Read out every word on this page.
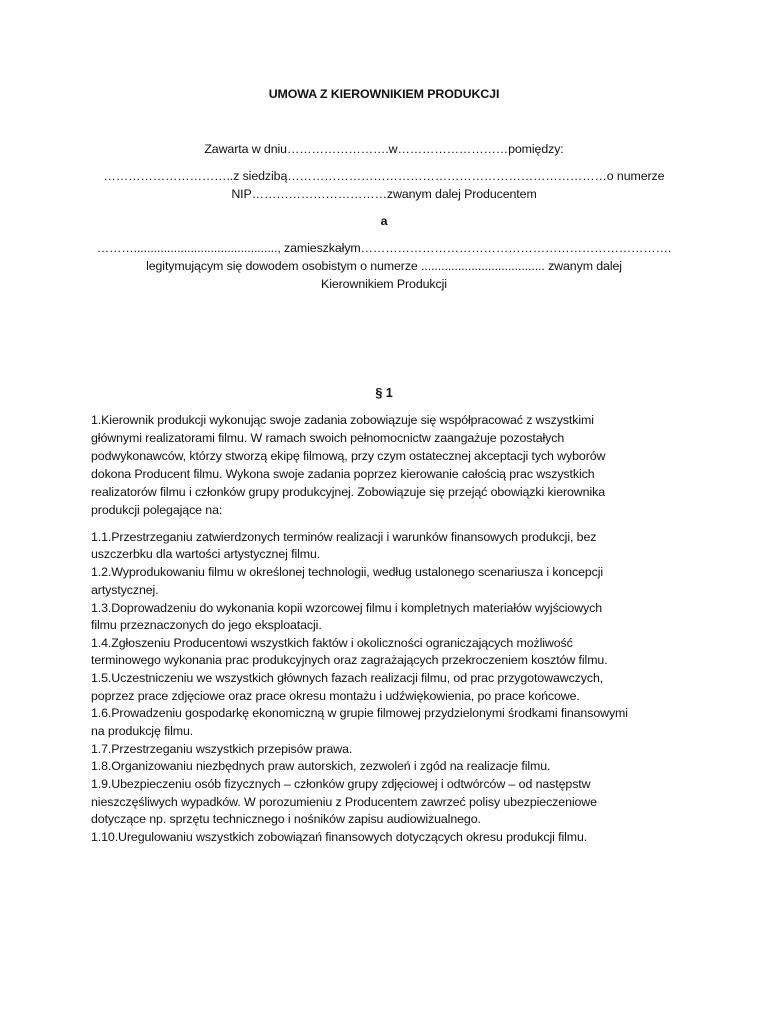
UMOWA Z KIEROWNIKIEM PRODUKCJI
Zawarta w dniu…………………….w………………………pomiędzy:
…………………………..z siedzibą……………………………………………………………………o numerze
NIP……………………………zwanym dalej Producentem
a
………..........................................., zamieszkałym………………………………………………………………….
legitymującym się dowodem osobistym o numerze ..................................... zwanym dalej
Kierownikiem Produkcji
§ 1
1.Kierownik produkcji wykonując swoje zadania zobowiązuje się współpracować z wszystkimi
głównymi realizatorami filmu. W ramach swoich pełnomocnictw zaangażuje pozostałych
podwykonawców, którzy stworzą ekipę filmową, przy czym ostatecznej akceptacji tych wyborów
dokona Producent filmu. Wykona swoje zadania poprzez kierowanie całością prac wszystkich
realizatorów filmu i członków grupy produkcyjnej. Zobowiązuje się przejąć obowiązki kierownika
produkcji polegające na:
1.1.Przestrzeganiu zatwierdzonych terminów realizacji i warunków finansowych produkcji, bez
uszczerbku dla wartości artystycznej filmu.
1.2.Wyprodukowaniu filmu w określonej technologii, według ustalonego scenariusza i koncepcji
artystycznej.
1.3.Doprowadzeniu do wykonania kopii wzorcowej filmu i kompletnych materiałów wyjściowych
filmu przeznaczonych do jego eksploatacji.
1.4.Zgłoszeniu Producentowi wszystkich faktów i okoliczności ograniczających możliwość
terminowego wykonania prac produkcyjnych oraz zagrażających przekroczeniem kosztów filmu.
1.5.Uczestniczeniu we wszystkich głównych fazach realizacji filmu, od prac przygotowawczych,
poprzez prace zdjęciowe oraz prace okresu montażu i udźwiękowienia, po prace końcowe.
1.6.Prowadzeniu gospodarkę ekonomiczną w grupie filmowej przydzielonymi środkami finansowymi
na produkcję filmu.
1.7.Przestrzeganiu wszystkich przepisów prawa.
1.8.Organizowaniu niezbędnych praw autorskich, zezwoleń i zgód na realizacje filmu.
1.9.Ubezpieczeniu osób fizycznych – członków grupy zdjęciowej i odtwórców – od następstw
nieszczęśliwych wypadków. W porozumieniu z Producentem zawrzeć polisy ubezpieczeniowe
dotyczące np. sprzętu technicznego i nośników zapisu audiowizualnego.
1.10.Uregulowaniu wszystkich zobowiązań finansowych dotyczących okresu produkcji filmu.
